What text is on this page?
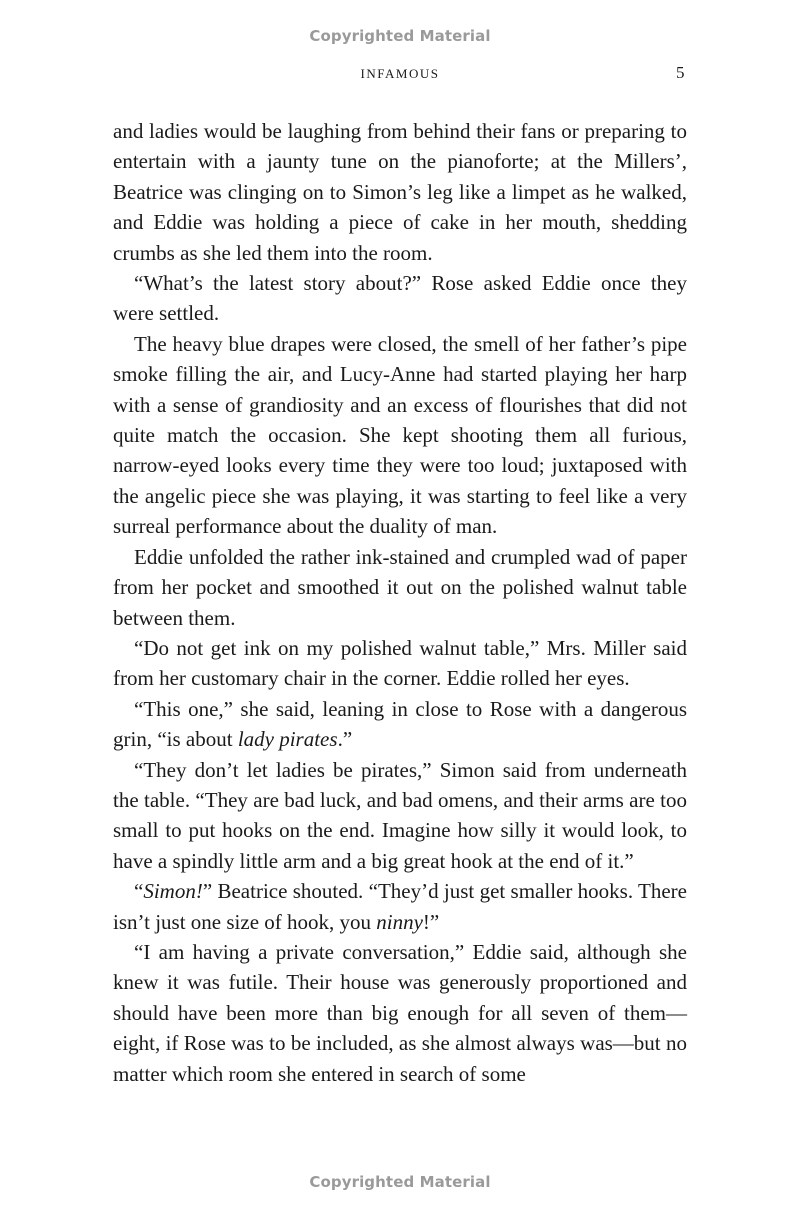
Copyrighted Material
INFAMOUS	5

and ladies would be laughing from behind their fans or preparing to entertain with a jaunty tune on the pianoforte; at the Millers’, Beatrice was clinging on to Simon’s leg like a limpet as he walked, and Eddie was holding a piece of cake in her mouth, shedding crumbs as she led them into the room.

“What’s the latest story about?” Rose asked Eddie once they were settled.

The heavy blue drapes were closed, the smell of her father’s pipe smoke filling the air, and Lucy-Anne had started playing her harp with a sense of grandiosity and an excess of flourishes that did not quite match the occasion. She kept shooting them all furious, narrow-eyed looks every time they were too loud; juxtaposed with the angelic piece she was playing, it was starting to feel like a very surreal performance about the duality of man.

Eddie unfolded the rather ink-stained and crumpled wad of paper from her pocket and smoothed it out on the polished walnut table between them.

“Do not get ink on my polished walnut table,” Mrs. Miller said from her customary chair in the corner. Eddie rolled her eyes.

“This one,” she said, leaning in close to Rose with a dangerous grin, “is about lady pirates.”

“They don’t let ladies be pirates,” Simon said from underneath the table. “They are bad luck, and bad omens, and their arms are too small to put hooks on the end. Imagine how silly it would look, to have a spindly little arm and a big great hook at the end of it.”

“Simon!” Beatrice shouted. “They’d just get smaller hooks. There isn’t just one size of hook, you ninny!”

“I am having a private conversation,” Eddie said, although she knew it was futile. Their house was generously proportioned and should have been more than big enough for all seven of them—eight, if Rose was to be included, as she almost always was—but no matter which room she entered in search of some

Copyrighted Material
